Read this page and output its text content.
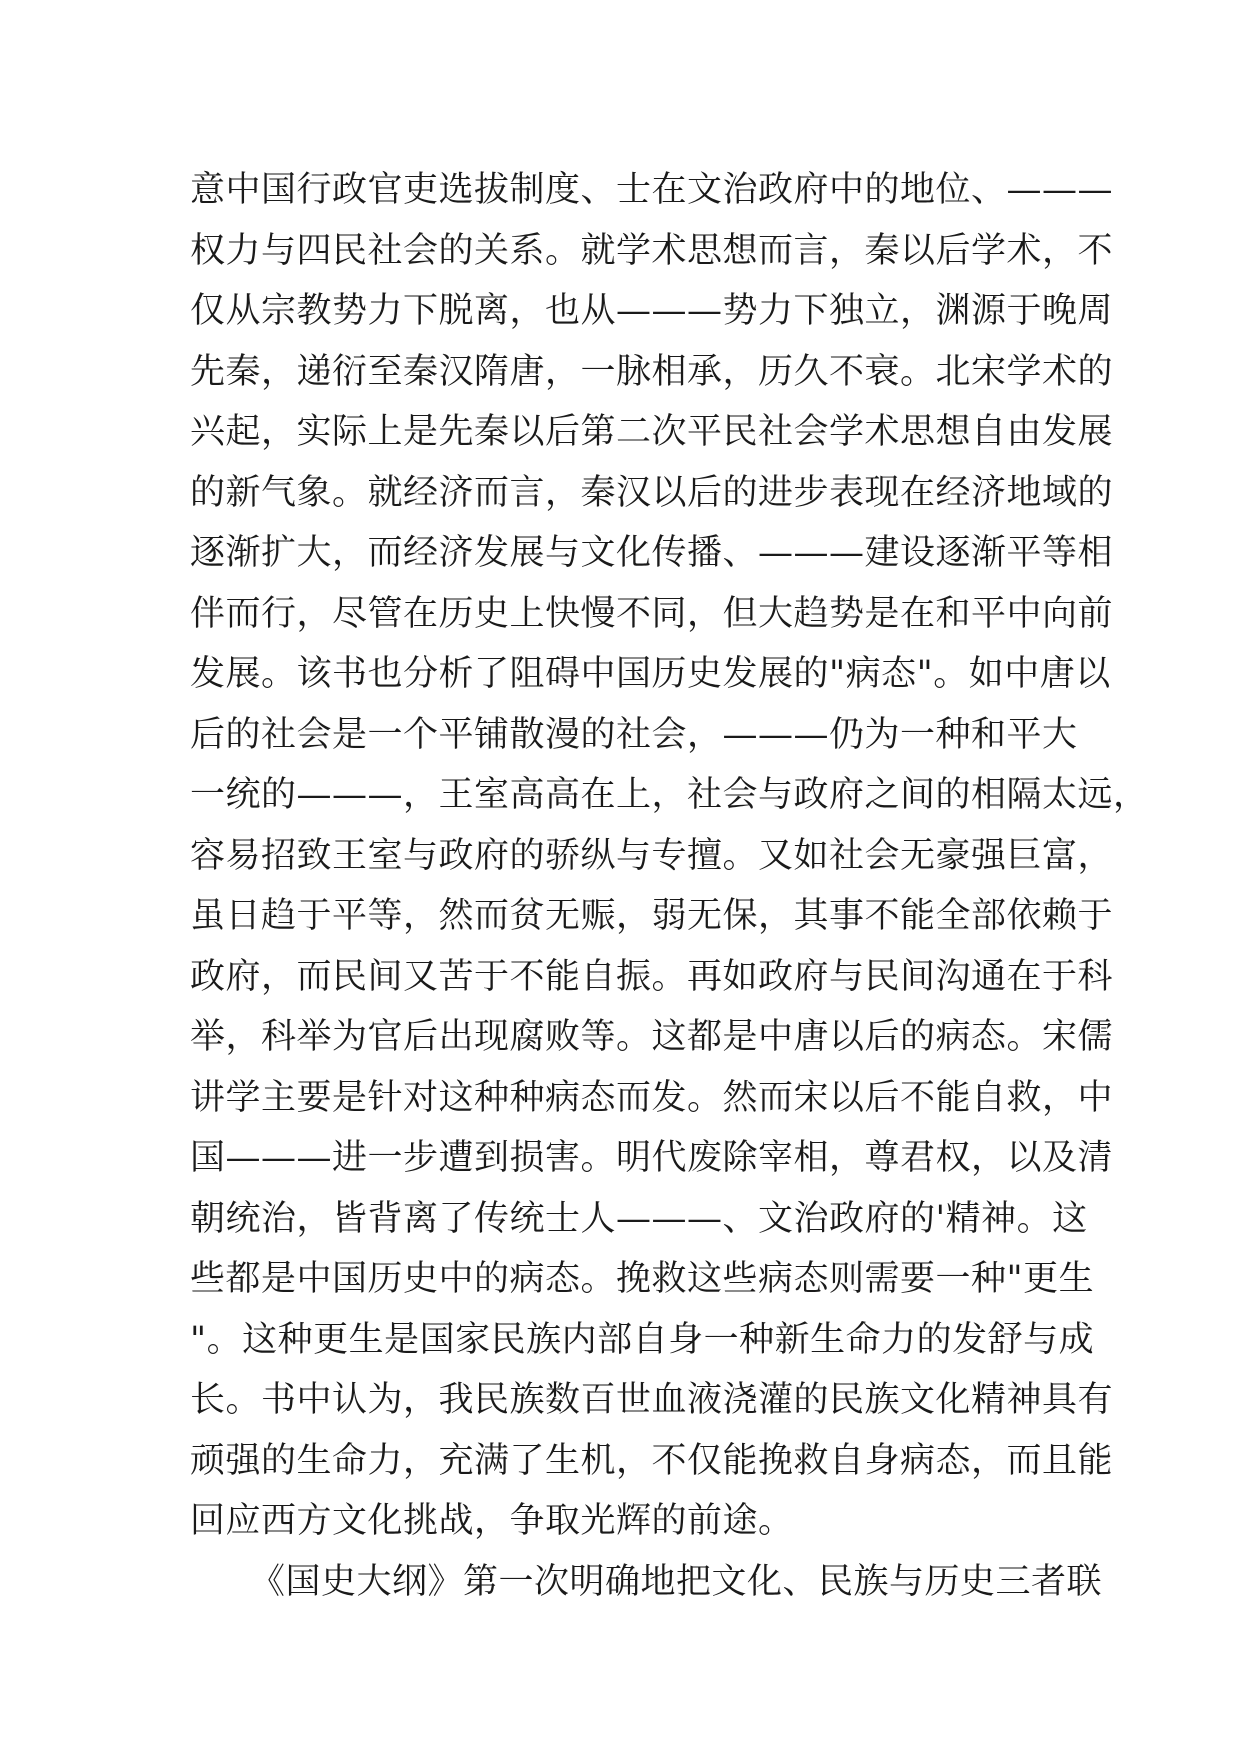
意中国行政官吏选拔制度、士在文治政府中的地位、———
权力与四民社会的关系。就学术思想而言，秦以后学术，不
仅从宗教势力下脱离，也从———势力下独立，渊源于晚周
先秦，递衍至秦汉隋唐，一脉相承，历久不衰。北宋学术的
兴起，实际上是先秦以后第二次平民社会学术思想自由发展
的新气象。就经济而言，秦汉以后的进步表现在经济地域的
逐渐扩大，而经济发展与文化传播、———建设逐渐平等相
伴而行，尽管在历史上快慢不同，但大趋势是在和平中向前
发展。该书也分析了阻碍中国历史发展的"病态"。如中唐以
后的社会是一个平铺散漫的社会，———仍为一种和平大
一统的———，王室高高在上，社会与政府之间的相隔太远，
容易招致王室与政府的骄纵与专擅。又如社会无豪强巨富，
虽日趋于平等，然而贫无赈，弱无保，其事不能全部依赖于
政府，而民间又苦于不能自振。再如政府与民间沟通在于科
举，科举为官后出现腐败等。这都是中唐以后的病态。宋儒
讲学主要是针对这种种病态而发。然而宋以后不能自救，中
国———进一步遭到损害。明代废除宰相，尊君权，以及清
朝统治，皆背离了传统士人———、文治政府的'精神。这
些都是中国历史中的病态。挽救这些病态则需要一种"更生
"。这种更生是国家民族内部自身一种新生命力的发舒与成
长。书中认为，我民族数百世血液浇灌的民族文化精神具有
顽强的生命力，充满了生机，不仅能挽救自身病态，而且能
回应西方文化挑战，争取光辉的前途。
《国史大纲》第一次明确地把文化、民族与历史三者联
